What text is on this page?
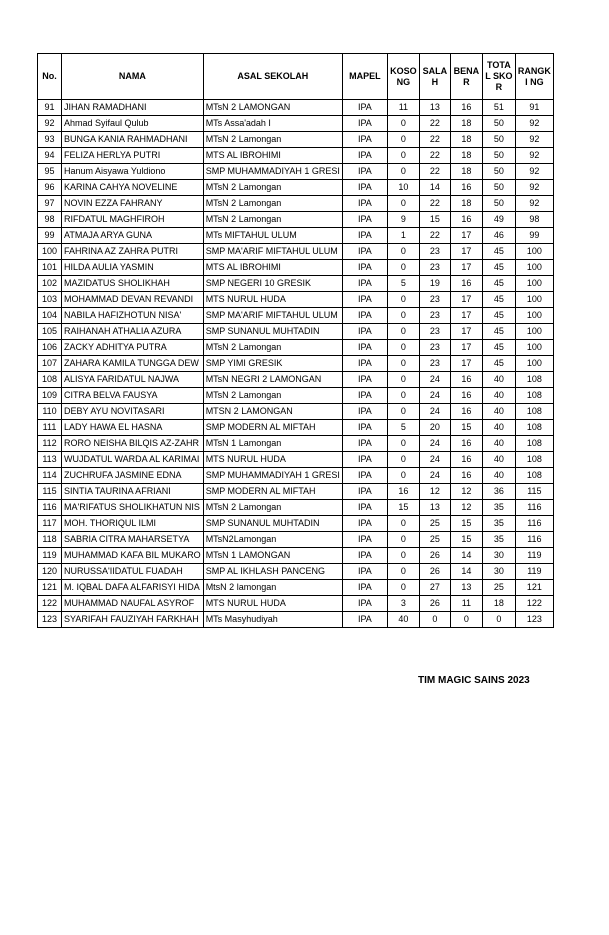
No.	NAMA	ASAL SEKOLAH	MAPEL	KOSO NG	SALA H	BENA R	TOTA L SKOR	RANGKI NG
91	JIHAN RAMADHANI	MTsN 2 LAMONGAN	IPA	11	13	16	51	91
92	Ahmad Syifaul Qulub	MTs Assa'adah I	IPA	0	22	18	50	92
93	BUNGA KANIA RAHMADHANI	MTsN 2 Lamongan	IPA	0	22	18	50	92
94	FELIZA HERLYA PUTRI	MTS AL IBROHIMI	IPA	0	22	18	50	92
95	Hanum Aisyawa Yuldiono	SMP MUHAMMADIYAH 1 GRESI	IPA	0	22	18	50	92
96	KARINA CAHYA NOVELINE	MTsN 2 Lamongan	IPA	10	14	16	50	92
97	NOVIN EZZA FAHRANY	MTsN 2 Lamongan	IPA	0	22	18	50	92
98	RIFDATUL MAGHFIROH	MTsN 2 Lamongan	IPA	9	15	16	49	98
99	ATMAJA ARYA GUNA	MTs MIFTAHUL ULUM	IPA	1	22	17	46	99
100	FAHRINA AZ ZAHRA PUTRI	SMP MA'ARIF MIFTAHUL ULUM	IPA	0	23	17	45	100
101	HILDA AULIA YASMIN	MTS AL IBROHIMI	IPA	0	23	17	45	100
102	MAZIDATUS SHOLIKHAH	SMP NEGERI 10 GRESIK	IPA	5	19	16	45	100
103	MOHAMMAD DEVAN REVANDI	MTS NURUL HUDA	IPA	0	23	17	45	100
104	NABILA HAFIZHOTUN NISA'	SMP MA'ARIF MIFTAHUL ULUM	IPA	0	23	17	45	100
105	RAIHANAH ATHALIA AZURA	SMP SUNANUL MUHTADIN	IPA	0	23	17	45	100
106	ZACKY ADHITYA PUTRA	MTsN 2 Lamongan	IPA	0	23	17	45	100
107	ZAHARA KAMILA TUNGGA DEW	SMP YIMI GRESIK	IPA	0	23	17	45	100
108	ALISYA FARIDATUL NAJWA	MTsN NEGRI 2 LAMONGAN	IPA	0	24	16	40	108
109	CITRA BELVA FAUSYA	MTsN 2 Lamongan	IPA	0	24	16	40	108
110	DEBY AYU NOVITASARI	MTSN 2 LAMONGAN	IPA	0	24	16	40	108
111	LADY HAWA EL HASNA	SMP MODERN AL MIFTAH	IPA	5	20	15	40	108
112	RORO NEISHA BILQIS AZ-ZAHR	MTsN 1 Lamongan	IPA	0	24	16	40	108
113	WUJDATUL WARDA AL KARIMAI	MTS NURUL HUDA	IPA	0	24	16	40	108
114	ZUCHRUFA JASMINE EDNA	SMP MUHAMMADIYAH 1 GRESI	IPA	0	24	16	40	108
115	SINTIA TAURINA AFRIANI	SMP MODERN AL MIFTAH	IPA	16	12	12	36	115
116	MA'RIFATUS SHOLIKHATUN NIS	MTsN 2 Lamongan	IPA	15	13	12	35	116
117	MOH. THORIQUL ILMI	SMP SUNANUL MUHTADIN	IPA	0	25	15	35	116
118	SABRIA CITRA MAHARSETYA	MTsN2Lamongan	IPA	0	25	15	35	116
119	MUHAMMAD KAFA BIL MUKARO	MTsN 1 LAMONGAN	IPA	0	26	14	30	119
120	NURUSSA'IIDATUL FUADAH	SMP AL IKHLASH PANCENG	IPA	0	26	14	30	119
121	M. IQBAL DAFA ALFARISYI HIDA	MtsN 2 lamongan	IPA	0	27	13	25	121
122	MUHAMMAD NAUFAL ASYROF	MTS NURUL HUDA	IPA	3	26	11	18	122
123	SYARIFAH FAUZIYAH FARKHAH	MTs Masyhudiyah	IPA	40	0	0	0	123
TIM MAGIC SAINS 2023
